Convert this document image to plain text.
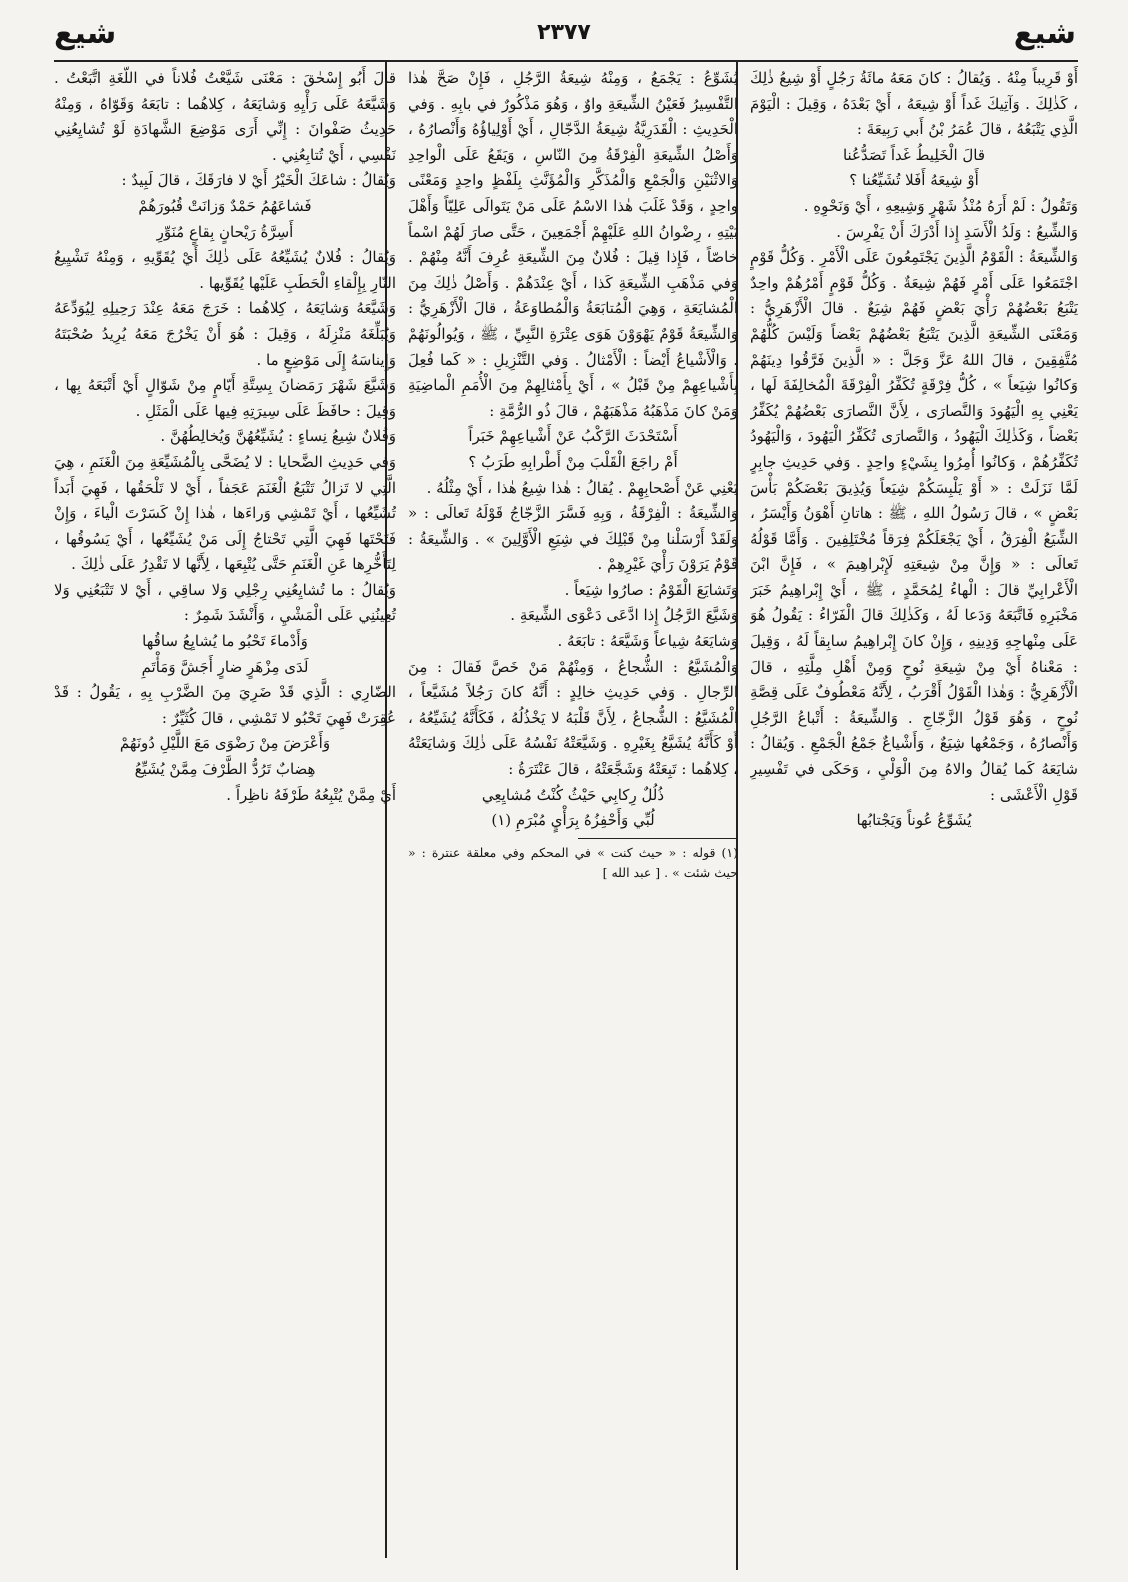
شيع
٢٣٧٧
شيع

أَوْ قَرِيباً مِنْهُ . وَيُقالُ : كانَ مَعَهُ مائَةُ رَجُلٍ أَوْ شِيعُ ذٰلِكَ ، كَذٰلِكَ . وَآتِيكَ غَداً أَوْ شِيعَهُ ، أَيْ بَعْدَهُ ، وَقِيلَ : الْيَوْمَ الَّذِي يَتْبَعُهُ ، قالَ عُمَرُ بْنُ أَبي رَبِيعَةَ :

قالَ الْخَلِيطُ غَداً تَصَدُّعُنا

أَوْ شِيعَهُ أَفَلا تُشَيِّعُنا ؟

وَتَقُولُ : لَمْ أَرَهُ مُنْذُ شَهْرٍ وَشِيعِهِ ، أَيْ وَنَحْوِهِ .

وَالشِّيعُ : وَلَدُ الْأَسَدِ إِذا أَدْرَكَ أَنْ يَفْرِسَ .

وَالشِّيعَةُ : الْقَوْمُ الَّذِينَ يَجْتَمِعُونَ عَلَى الْأَمْرِ . وَكُلُّ قَوْمٍ اجْتَمَعُوا عَلَى أَمْرٍ فَهُمْ شِيعَةٌ . وَكُلُّ قَوْمٍ أَمْرُهُمْ واحِدٌ يَتْبَعُ بَعْضُهُمْ رَأْيَ بَعْضٍ فَهُمْ شِيَعٌ . قالَ الْأَزْهَرِيُّ : وَمَعْنَى الشِّيعَةِ الَّذِينَ يَتْبَعُ بَعْضُهُمْ بَعْضاً وَلَيْسَ كُلُّهُمْ مُتَّفِقِينَ ، قالَ اللهُ عَزَّ وَجَلَّ : « الَّذِينَ فَرَّقُوا دِينَهُمْ وَكانُوا شِيَعاً » ، كُلُّ فِرْقَةٍ تُكَفِّرُ الْفِرْقَةَ الْمُخالِفَةَ لَها ، يَعْنِي بِهِ الْيَهُودَ وَالنَّصارَى ، لِأَنَّ النَّصارَى بَعْضُهُمْ يُكَفِّرُ بَعْضاً ، وَكَذٰلِكَ الْيَهُودُ ، وَالنَّصارَى تُكَفِّرُ الْيَهُودَ ، وَالْيَهُودُ تُكَفِّرُهُمْ ، وَكانُوا أُمِرُوا بِشَيْءٍ واحِدٍ . وَفي حَدِيثِ جابِرٍ لَمَّا نَزَلَتْ : « أَوْ يَلْبِسَكُمْ شِيَعاً وَيُذِيقَ بَعْضَكُمْ بَأْسَ بَعْضٍ » ، قالَ رَسُولُ اللهِ ، ﷺ : هاتانِ أَهْوَنُ وَأَيْسَرُ ، الشِّيَعُ الْفِرَقُ ، أَيْ يَجْعَلَكُمْ فِرَقاً مُخْتَلِفِينَ . وَأَمَّا قَوْلُهُ تَعالَى : « وَإِنَّ مِنْ شِيعَتِهِ لَإِبْراهِيمَ » ، فَإِنَّ ابْنَ الْأَعْرابِيِّ قالَ : الْهاءُ لِمُحَمَّدٍ ، ﷺ ، أَيْ إِبْراهِيمُ خَبَرَ مَخْبَرِهِ فَاتَّبَعَهُ وَدَعا لَهُ ، وَكَذٰلِكَ قالَ الْفَرّاءُ : يَقُولُ هُوَ عَلَى مِنْهاجِهِ وَدِينِهِ ، وَإِنْ كانَ إِبْراهِيمُ سابِقاً لَهُ ، وَقِيلَ : مَعْناهُ أَيْ مِنْ شِيعَةِ نُوحٍ وَمِنْ أَهْلِ مِلَّتِهِ ، قالَ الْأَزْهَرِيُّ : وَهٰذا الْقَوْلُ أَقْرَبُ ، لِأَنَّهُ مَعْطُوفٌ عَلَى قِصَّةِ نُوحٍ ، وَهُوَ قَوْلُ الزَّجّاجِ . وَالشِّيعَةُ : أَتْباعُ الرَّجُلِ وَأَنْصارُهُ ، وَجَمْعُها شِيَعٌ ، وَأَشْياعٌ جَمْعُ الْجَمْعِ . وَيُقالُ : شايَعَهُ كَما يُقالُ والاهُ مِنَ الْوَلْيِ ، وَحَكَى في تَفْسِيرِ قَوْلِ الْأَعْشَى :

يُشَوِّعُ عُوناً وَيَجْتابُها

يُشَوِّعُ : يَجْمَعُ ، وَمِنْهُ شِيعَةُ الرَّجُلِ ، فَإِنْ صَحَّ هٰذا التَّفْسِيرُ فَعَيْنُ الشِّيعَةِ واوٌ ، وَهُوَ مَذْكُورٌ في بابِهِ . وَفي الْحَدِيثِ : الْقَدَرِيَّةُ شِيعَةُ الدَّجّالِ ، أَيْ أَوْلِياؤُهُ وَأَنْصارُهُ ، وَأَصْلُ الشِّيعَةِ الْفِرْقَةُ مِنَ النّاسِ ، وَيَقَعُ عَلَى الْواحِدِ وَالاثْنَيْنِ وَالْجَمْعِ وَالْمُذَكَّرِ وَالْمُؤَنَّثِ بِلَفْظٍ واحِدٍ وَمَعْنًى واحِدٍ ، وَقَدْ غَلَبَ هٰذا الاسْمُ عَلَى مَنْ يَتَوالَى عَلِيّاً وَأَهْلَ بَيْتِهِ ، رِضْوانُ اللهِ عَلَيْهِمْ أَجْمَعِينَ ، حَتَّى صارَ لَهُمْ اسْماً خاصّاً ، فَإِذا قِيلَ : فُلانٌ مِنَ الشِّيعَةِ عُرِفَ أَنَّهُ مِنْهُمْ . وَفي مَذْهَبِ الشِّيعَةِ كَذا ، أَيْ عِنْدَهُمْ . وَأَصْلُ ذٰلِكَ مِنَ الْمُشايَعَةِ ، وَهِيَ الْمُتابَعَةُ وَالْمُطاوَعَةُ ، قالَ الْأَزْهَرِيُّ : وَالشِّيعَةُ قَوْمٌ يَهْوَوْنَ هَوَى عِتْرَةِ النَّبِيِّ ، ﷺ ، وَيُوالُونَهُمْ . وَالْأَشْياعُ أَيْضاً : الْأَمْثالُ . وَفي التَّنْزِيلِ : « كَما فُعِلَ بِأَشْياعِهِمْ مِنْ قَبْلُ » ، أَيْ بِأَمْثالِهِمْ مِنَ الْأُمَمِ الْماضِيَةِ وَمَنْ كانَ مَذْهَبُهُ مَذْهَبَهُمْ ، قالَ ذُو الرُّمَّةِ :

أَسْتَحْدَثَ الرَّكْبُ عَنْ أَشْياعِهِمْ خَبَراً

أَمْ راجَعَ الْقَلْبَ مِنْ أَطْرابِهِ طَرَبُ ؟

يَعْنِي عَنْ أَصْحابِهِمْ . يُقالُ : هٰذا شِيعُ هٰذا ، أَيْ مِثْلُهُ .

وَالشِّيعَةُ : الْفِرْقَةُ ، وَبِهِ فَسَّرَ الزَّجّاجُ قَوْلَهُ تَعالَى : « وَلَقَدْ أَرْسَلْنا مِنْ قَبْلِكَ في شِيَعِ الْأَوَّلِينَ » . وَالشِّيعَةُ : قَوْمٌ يَرَوْنَ رَأْيَ غَيْرِهِمْ .

وَتَشايَعَ الْقَوْمُ : صارُوا شِيَعاً .

وَشَيَّعَ الرَّجُلُ إِذا ادَّعَى دَعْوَى الشِّيعَةِ .

وَشايَعَهُ شِياعاً وَشَيَّعَهُ : تابَعَهُ .

وَالْمُشَيَّعُ : الشُّجاعُ ، وَمِنْهُمْ مَنْ خَصَّ فَقالَ : مِنَ الرِّجالِ . وَفي حَدِيثِ خالِدٍ : أَنَّهُ كانَ رَجُلاً مُشَيَّعاً ، الْمُشَيَّعُ : الشُّجاعُ ، لِأَنَّ قَلْبَهُ لا يَخْذُلُهُ ، فَكَأَنَّهُ يُشَيِّعُهُ ، أَوْ كَأَنَّهُ يُشَيَّعُ بِغَيْرِهِ . وَشَيَّعَتْهُ نَفْسُهُ عَلَى ذٰلِكَ وَشايَعَتْهُ ، كِلاهُما : تَبِعَتْهُ وَشَجَّعَتْهُ ، قالَ عَنْتَرَةُ :

ذُلُلٌ رِكابِي حَيْثُ كُنْتُ مُشايِعِي

لُبِّي وَأَحْفِزُهُ بِرَأْيٍ مُبْرَمِ (١)

(١) قوله : « حيث كنت » في المحكم وفي معلقة عنترة : « حيث شئت » . [ عبد الله ]

قالَ أَبُو إِسْحٰقَ : مَعْنَى شَيَّعْتُ فُلاناً في اللُّغَةِ اتَّبَعْتُ . وَشَيَّعَهُ عَلَى رَأْيِهِ وَشايَعَهُ ، كِلاهُما : تابَعَهُ وَقَوّاهُ ، وَمِنْهُ حَدِيثُ صَفْوانَ : إِنِّي أَرَى مَوْضِعَ الشَّهادَةِ لَوْ تُشايِعُنِي نَفْسِي ، أَيْ تُتابِعُنِي .

وَيُقالُ : شاعَكَ الْخَيْرُ أَيْ لا فارَقَكَ ، قالَ لَبِيدٌ :

فَشاعَهُمُ حَمْدٌ وَزانَتْ قُبُورَهُمْ

أَسِرَّةُ رَيْحانٍ بِقاعٍ مُنَوِّرِ

وَيُقالُ : فُلانٌ يُشَيِّعُهُ عَلَى ذٰلِكَ أَيْ يُقَوِّيهِ ، وَمِنْهُ تَشْيِيعُ النّارِ بِإِلْقاءِ الْحَطَبِ عَلَيْها يُقَوِّيها .

وَشَيَّعَهُ وَشايَعَهُ ، كِلاهُما : خَرَجَ مَعَهُ عِنْدَ رَحِيلِهِ لِيُوَدِّعَهُ وَيُبَلِّغَهُ مَنْزِلَهُ ، وَقِيلَ : هُوَ أَنْ يَخْرُجَ مَعَهُ يُرِيدُ صُحْبَتَهُ وَإِيناسَهُ إِلَى مَوْضِعٍ ما .

وَشَيَّعَ شَهْرَ رَمَضانَ بِسِتَّةِ أَيّامٍ مِنْ شَوّالٍ أَيْ أَتْبَعَهُ بِها ، وَقِيلَ : حافَظَ عَلَى سِيرَتِهِ فِيها عَلَى الْمَثَلِ .

وَفُلانٌ شِيعُ نِساءٍ : يُشَيِّعُهُنَّ وَيُخالِطُهُنَّ .

وَفي حَدِيثِ الضَّحايا : لا يُضَحَّى بِالْمُشَيِّعَةِ مِنَ الْغَنَمِ ، هِيَ الَّتِي لا تَزالُ تَتْبَعُ الْغَنَمَ عَجَفاً ، أَيْ لا تَلْحَقُها ، فَهِيَ أَبَداً تُشَيِّعُها ، أَيْ تَمْشِي وَراءَها ، هٰذا إِنْ كَسَرْتَ الْياءَ ، وَإِنْ فَتَحْتَها فَهِيَ الَّتِي تَحْتاجُ إِلَى مَنْ يُشَيِّعُها ، أَيْ يَسُوقُها ، لِتَأَخُّرِها عَنِ الْغَنَمِ حَتَّى يُتْبِعَها ، لِأَنَّها لا تَقْدِرُ عَلَى ذٰلِكَ .

وَيُقالُ : ما تُشايِعُنِي رِجْلِي وَلا ساقِي ، أَيْ لا تَتْبَعُنِي وَلا تُعِينُنِي عَلَى الْمَشْيِ ، وَأَنْشَدَ شَمِرٌ :

وَأَدْماءَ تَحْبُو ما يُشايِعُ ساقُها

لَدَى مِزْهَرٍ ضارٍ أَجَشَّ وَمَأْتَمِ

الضّارِي : الَّذِي قَدْ ضَرِيَ مِنَ الضَّرْبِ بِهِ ، يَقُولُ : قَدْ عُقِرَتْ فَهِيَ تَحْبُو لا تَمْشِي ، قالَ كُثَيِّرٌ :

وَأَعْرَضَ مِنْ رَضْوَى مَعَ اللَّيْلِ دُونَهُمْ

هِضابٌ تَرُدُّ الطَّرْفَ مِمَّنْ يُشَيِّعُ

أَيْ مِمَّنْ يُتْبِعُهُ طَرْفَهُ ناظِراً .
